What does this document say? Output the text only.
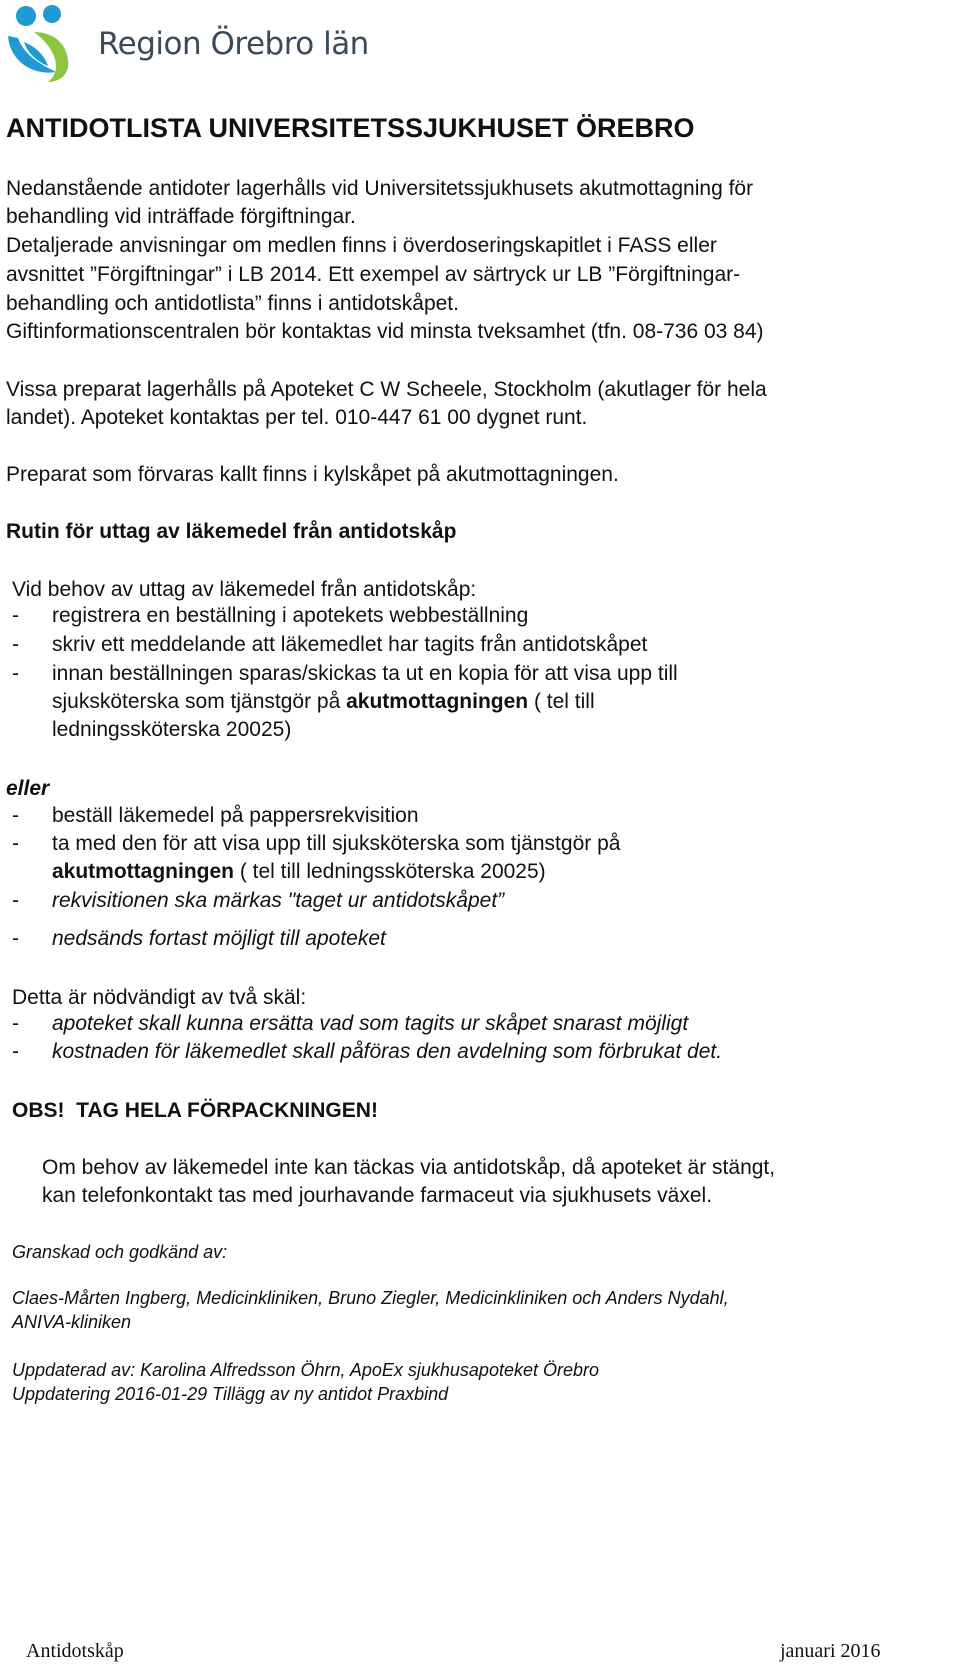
Region Örebro län
ANTIDOTLISTA UNIVERSITETSSJUKHUSET ÖREBRO
Nedanstående antidoter lagerhålls vid Universitetssjukhusets akutmottagning för
behandling vid inträffade förgiftningar.
Detaljerade anvisningar om medlen finns i överdoseringskapitlet i FASS eller
avsnittet ”Förgiftningar” i LB 2014. Ett exempel av särtryck ur LB ”Förgiftningar-
behandling och antidotlista” finns i antidotskåpet.
Giftinformationscentralen bör kontaktas vid minsta tveksamhet (tfn. 08-736 03 84)
Vissa preparat lagerhålls på Apoteket C W Scheele, Stockholm (akutlager för hela
landet). Apoteket kontaktas per tel. 010-447 61 00 dygnet runt.
Preparat som förvaras kallt finns i kylskåpet på akutmottagningen.
Rutin för uttag av läkemedel från antidotskåp
Vid behov av uttag av läkemedel från antidotskåp:
- registrera en beställning i apotekets webbeställning
- skriv ett meddelande att läkemedlet har tagits från antidotskåpet
- innan beställningen sparas/skickas ta ut en kopia för att visa upp till
sjuksköterska som tjänstgör på akutmottagningen ( tel till
ledningssköterska 20025)
eller
- beställ läkemedel på pappersrekvisition
- ta med den för att visa upp till sjuksköterska som tjänstgör på
akutmottagningen ( tel till ledningssköterska 20025)
- rekvisitionen ska märkas "taget ur antidotskåpet”
- nedsänds fortast möjligt till apoteket
Detta är nödvändigt av två skäl:
- apoteket skall kunna ersätta vad som tagits ur skåpet snarast möjligt
- kostnaden för läkemedlet skall påföras den avdelning som förbrukat det.
OBS!  TAG HELA FÖRPACKNINGEN!
Om behov av läkemedel inte kan täckas via antidotskåp, då apoteket är stängt,
kan telefonkontakt tas med jourhavande farmaceut via sjukhusets växel.
Granskad och godkänd av:
Claes-Mårten Ingberg, Medicinkliniken, Bruno Ziegler, Medicinkliniken och Anders Nydahl,
ANIVA-kliniken
Uppdaterad av: Karolina Alfredsson Öhrn, ApoEx sjukhusapoteket Örebro
Uppdatering 2016-01-29 Tillägg av ny antidot Praxbind
Antidotskåp	januari 2016
